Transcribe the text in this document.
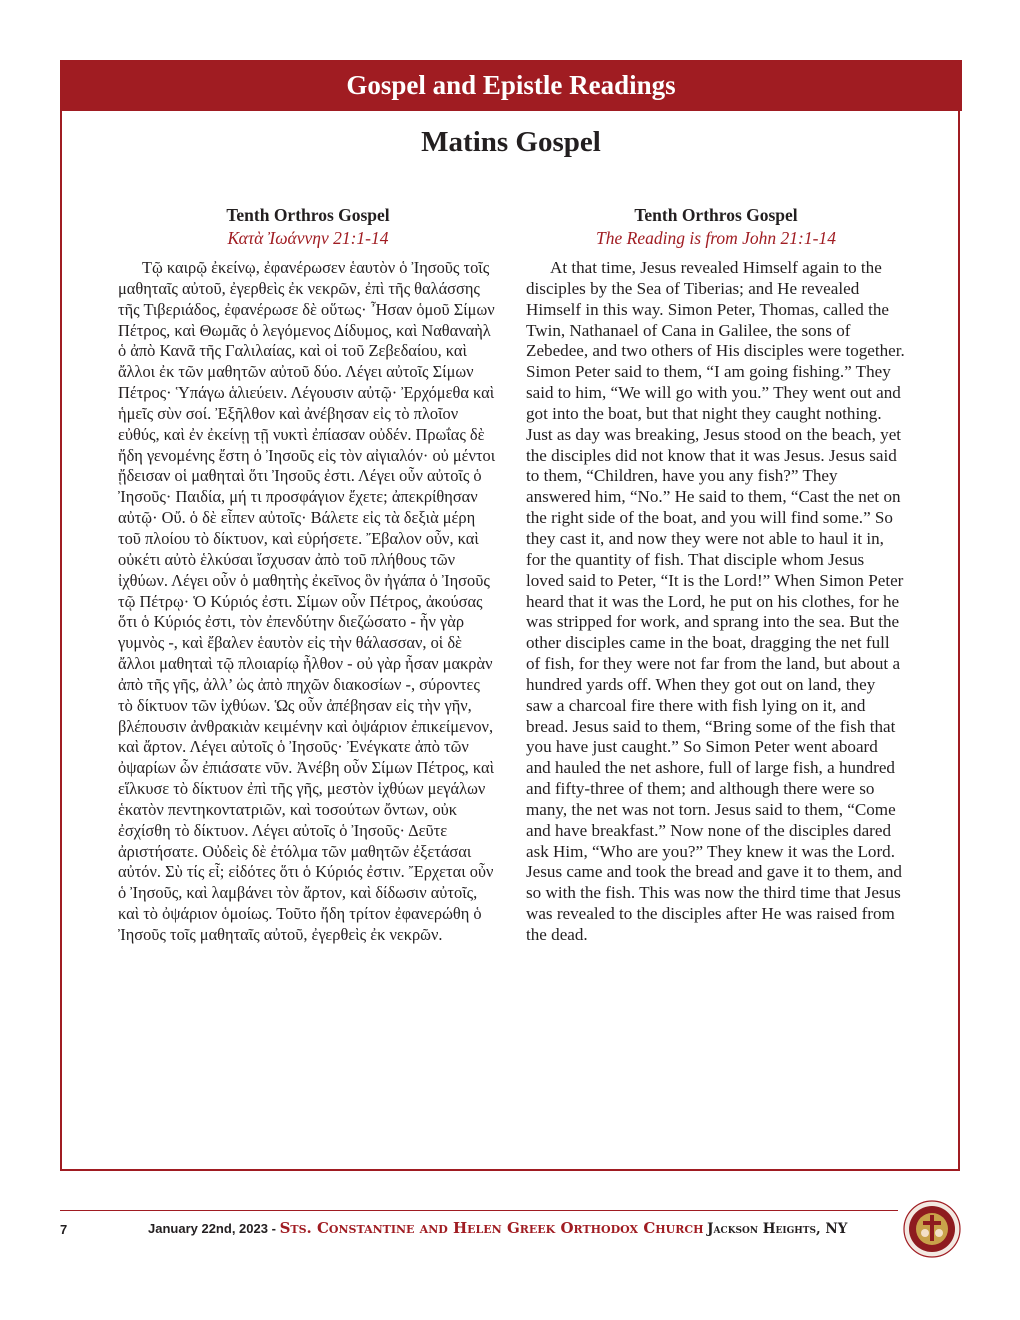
Gospel and Epistle Readings
Matins Gospel
Tenth Orthros Gospel
Κατὰ Ἰωάννην 21:1-14

Τῷ καιρῷ ἐκείνῳ, ἐφανέρωσεν ἑαυτὸν ὁ Ἰησοῦς τοῖς μαθηταῖς αὐτοῦ, ἐγερθεὶς ἐκ νεκρῶν, ἐπὶ τῆς θαλάσσης τῆς Τιβεριάδος, ἐφανέρωσε δὲ οὕτως· Ἦσαν ὁμοῦ Σίμων Πέτρος, καὶ Θωμᾶς ὁ λεγόμενος Δίδυμος, καὶ Ναθαναὴλ ὁ ἀπὸ Κανᾶ τῆς Γαλιλαίας, καὶ οἱ τοῦ Ζεβεδαίου, καὶ ἄλλοι ἐκ τῶν μαθητῶν αὐτοῦ δύο. Λέγει αὐτοῖς Σίμων Πέτρος· Ὑπάγω ἁλιεύειν. Λέγουσιν αὐτῷ· Ἐρχόμεθα καὶ ἡμεῖς σὺν σοί. Ἐξῆλθον καὶ ἀνέβησαν εἰς τὸ πλοῖον εὐθύς, καὶ ἐν ἐκείνῃ τῇ νυκτὶ ἐπίασαν οὐδέν. Πρωΐας δὲ ἤδη γενομένης ἔστη ὁ Ἰησοῦς εἰς τὸν αἰγιαλόν· οὐ μέντοι ᾔδεισαν οἱ μαθηταὶ ὅτι Ἰησοῦς ἐστι. Λέγει οὖν αὐτοῖς ὁ Ἰησοῦς· Παιδία, μή τι προσφάγιον ἔχετε; ἀπεκρίθησαν αὐτῷ· Οὔ. ὁ δὲ εἶπεν αὐτοῖς· Βάλετε εἰς τὰ δεξιὰ μέρη τοῦ πλοίου τὸ δίκτυον, καὶ εὑρήσετε. Ἔβαλον οὖν, καὶ οὐκέτι αὐτὸ ἑλκύσαι ἴσχυσαν ἀπὸ τοῦ πλήθους τῶν ἰχθύων. Λέγει οὖν ὁ μαθητὴς ἐκεῖνος ὃν ἠγάπα ὁ Ἰησοῦς τῷ Πέτρῳ· Ὁ Κύριός ἐστι. Σίμων οὖν Πέτρος, ἀκούσας ὅτι ὁ Κύριός ἐστι, τὸν ἐπενδύτην διεζώσατο - ἦν γὰρ γυμνὸς -, καὶ ἔβαλεν ἑαυτὸν εἰς τὴν θάλασσαν, οἱ δὲ ἄλλοι μαθηταὶ τῷ πλοιαρίῳ ἦλθον - οὐ γὰρ ἦσαν μακρὰν ἀπὸ τῆς γῆς, ἀλλ’ ὡς ἀπὸ πηχῶν διακοσίων -, σύροντες τὸ δίκτυον τῶν ἰχθύων. Ὡς οὖν ἀπέβησαν εἰς τὴν γῆν, βλέπουσιν ἀνθρακιὰν κειμένην καὶ ὀψάριον ἐπικείμενον, καὶ ἄρτον. Λέγει αὐτοῖς ὁ Ἰησοῦς· Ἐνέγκατε ἀπὸ τῶν ὀψαρίων ὧν ἐπιάσατε νῦν. Ἀνέβη οὖν Σίμων Πέτρος, καὶ εἵλκυσε τὸ δίκτυον ἐπὶ τῆς γῆς, μεστὸν ἰχθύων μεγάλων ἑκατὸν πεντηκοντατριῶν, καὶ τοσούτων ὄντων, οὐκ ἐσχίσθη τὸ δίκτυον. Λέγει αὐτοῖς ὁ Ἰησοῦς· Δεῦτε ἀριστήσατε. Οὐδεὶς δὲ ἐτόλμα τῶν μαθητῶν ἐξετάσαι αὐτόν. Σὺ τίς εἶ; εἰδότες ὅτι ὁ Κύριός ἐστιν. Ἔρχεται οὖν ὁ Ἰησοῦς, καὶ λαμβάνει τὸν ἄρτον, καὶ δίδωσιν αὐτοῖς, καὶ τὸ ὀψάριον ὁμοίως. Τοῦτο ἤδη τρίτον ἐφανερώθη ὁ Ἰησοῦς τοῖς μαθηταῖς αὐτοῦ, ἐγερθεὶς ἐκ νεκρῶν.

Tenth Orthros Gospel
The Reading is from John 21:1-14

At that time, Jesus revealed Himself again to the disciples by the Sea of Tiberias; and He revealed Himself in this way. Simon Peter, Thomas, called the Twin, Nathanael of Cana in Galilee, the sons of Zebedee, and two others of His disciples were together. Simon Peter said to them, “I am going fishing.” They said to him, “We will go with you.” They went out and got into the boat, but that night they caught nothing. Just as day was breaking, Jesus stood on the beach, yet the disciples did not know that it was Jesus. Jesus said to them, “Children, have you any fish?” They answered him, “No.” He said to them, “Cast the net on the right side of the boat, and you will find some.” So they cast it, and now they were not able to haul it in, for the quantity of fish. That disciple whom Jesus loved said to Peter, “It is the Lord!” When Simon Peter heard that it was the Lord, he put on his clothes, for he was stripped for work, and sprang into the sea. But the other disciples came in the boat, dragging the net full of fish, for they were not far from the land, but about a hundred yards off. When they got out on land, they saw a charcoal fire there with fish lying on it, and bread. Jesus said to them, “Bring some of the fish that you have just caught.” So Simon Peter went aboard and hauled the net ashore, full of large fish, a hundred and fifty-three of them; and although there were so many, the net was not torn. Jesus said to them, “Come and have breakfast.” Now none of the disciples dared ask Him, “Who are you?” They knew it was the Lord. Jesus came and took the bread and gave it to them, and so with the fish. This was now the third time that Jesus was revealed to the disciples after He was raised from the dead.

7	January 22nd, 2023 - Sts. Constantine and Helen Greek Orthodox Church Jackson Heights, NY
